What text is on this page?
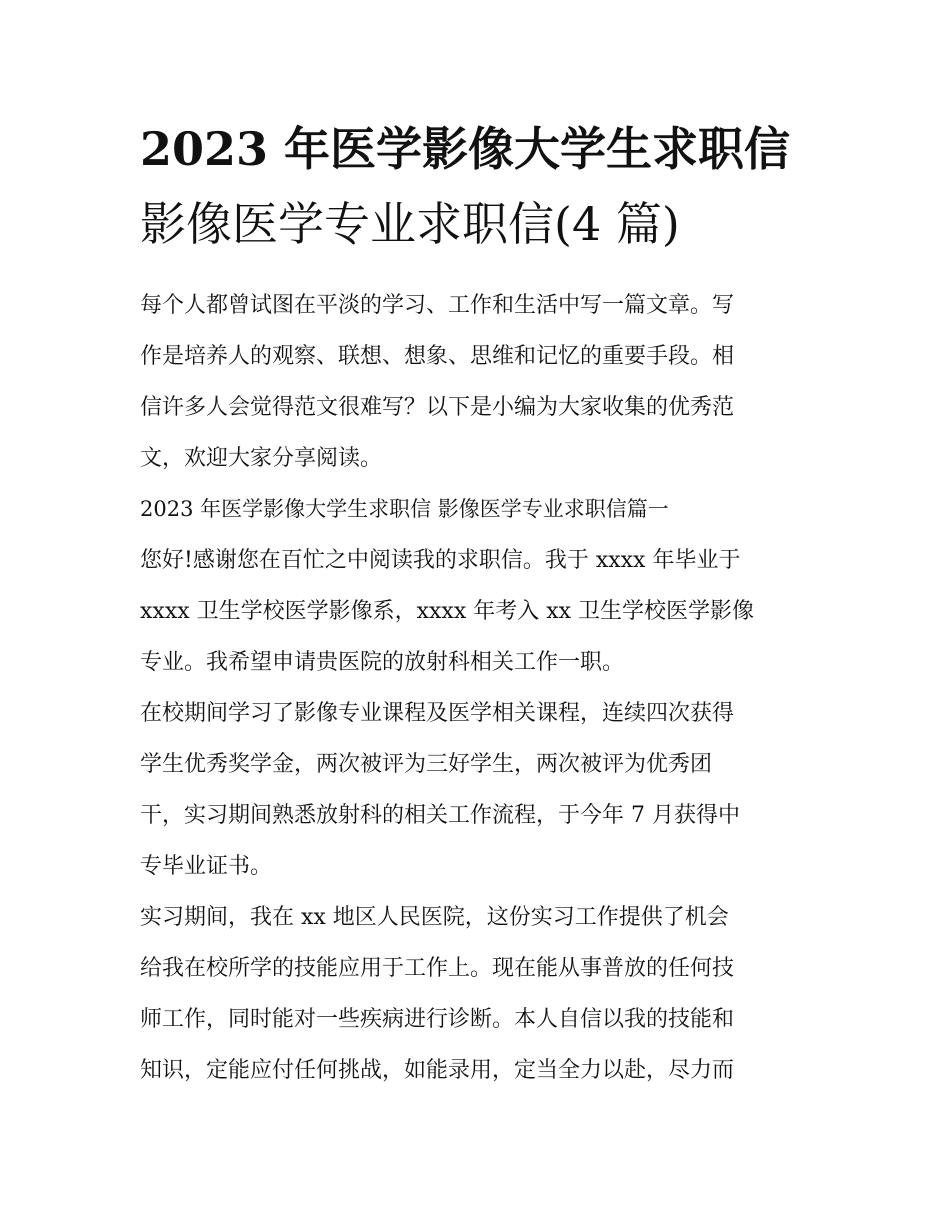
2023 年医学影像大学生求职信
影像医学专业求职信(4 篇)

每个人都曾试图在平淡的学习、工作和生活中写一篇文章。写
作是培养人的观察、联想、想象、思维和记忆的重要手段。相
信许多人会觉得范文很难写？以下是小编为大家收集的优秀范
文，欢迎大家分享阅读。

2023 年医学影像大学生求职信 影像医学专业求职信篇一

您好!感谢您在百忙之中阅读我的求职信。我于 xxxx 年毕业于
xxxx 卫生学校医学影像系，xxxx 年考入 xx 卫生学校医学影像
专业。我希望申请贵医院的放射科相关工作一职。

在校期间学习了影像专业课程及医学相关课程，连续四次获得
学生优秀奖学金，两次被评为三好学生，两次被评为优秀团
干，实习期间熟悉放射科的相关工作流程，于今年 7 月获得中
专毕业证书。

实习期间，我在 xx 地区人民医院，这份实习工作提供了机会
给我在校所学的技能应用于工作上。现在能从事普放的任何技
师工作，同时能对一些疾病进行诊断。本人自信以我的技能和
知识，定能应付任何挑战，如能录用，定当全力以赴，尽力而
